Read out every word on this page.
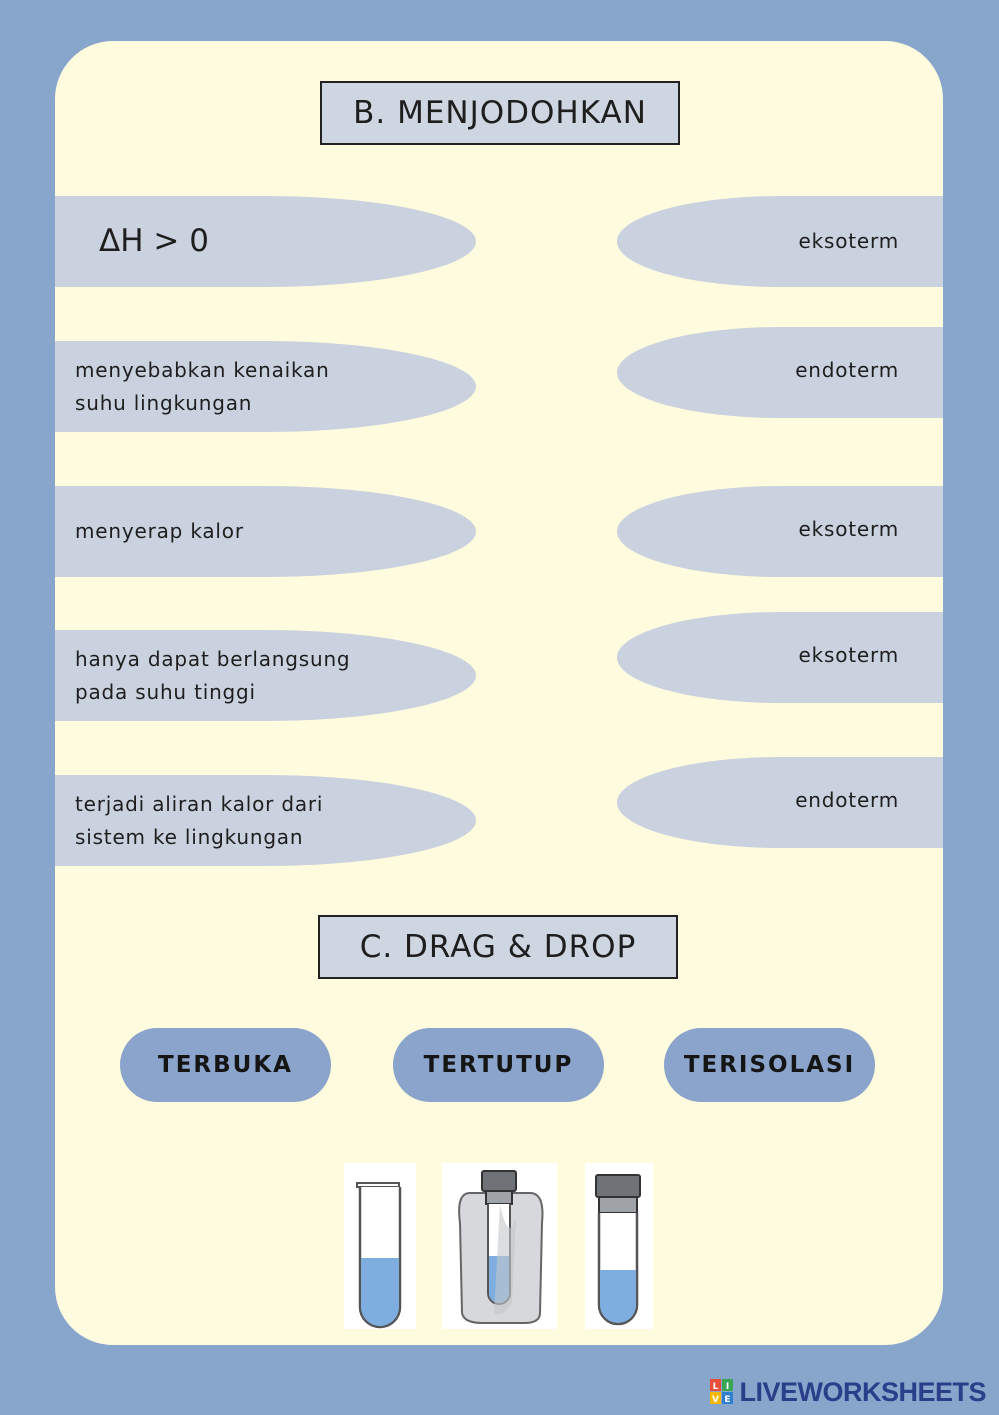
B. MENJODOHKAN
ΔH > 0
menyebabkan kenaikan
suhu lingkungan
menyerap kalor
hanya dapat berlangsung
pada suhu tinggi
terjadi aliran kalor dari
sistem ke lingkungan
eksoterm
endoterm
eksoterm
eksoterm
endoterm
C. DRAG & DROP
TERBUKA	TERTUTUP	TERISOLASI
L I
V E LIVEWORKSHEETS
